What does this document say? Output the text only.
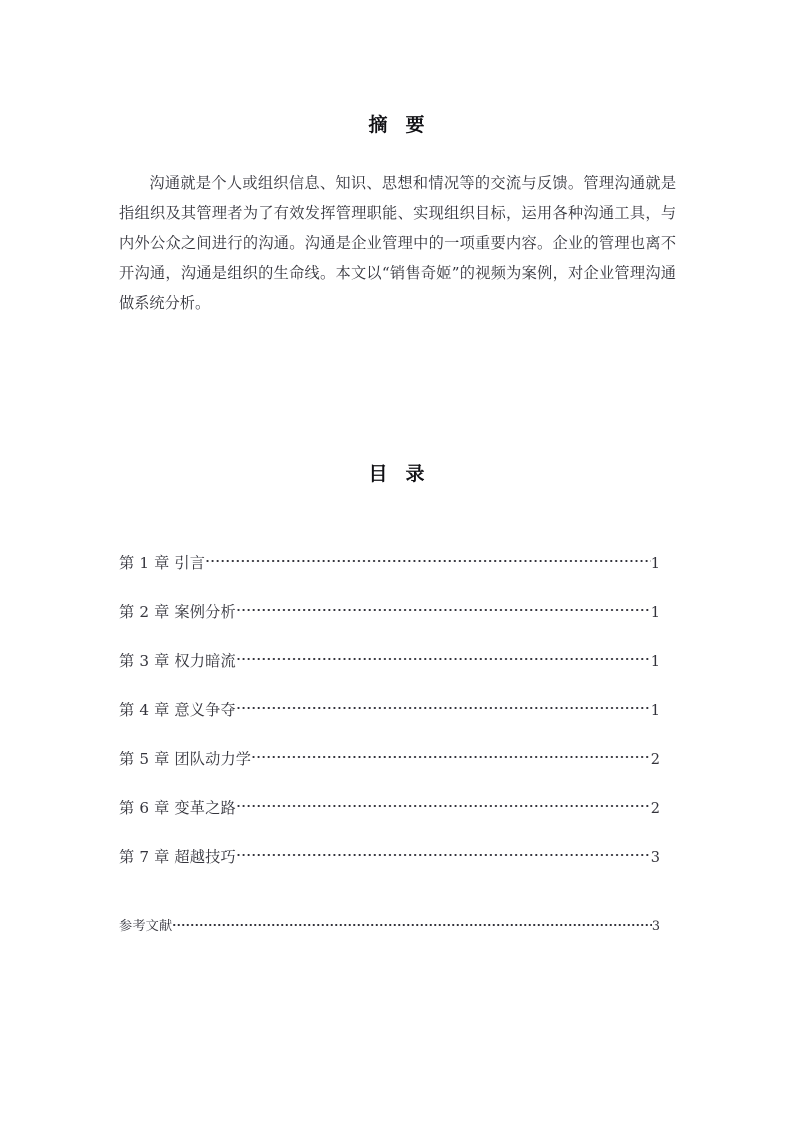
摘 要
沟通就是个人或组织信息、知识、思想和情况等的交流与反馈。管理沟通就是指组织及其管理者为了有效发挥管理职能、实现组织目标，运用各种沟通工具，与内外公众之间进行的沟通。沟通是企业管理中的一项重要内容。企业的管理也离不开沟通，沟通是组织的生命线。本文以“销售奇姬”的视频为案例，对企业管理沟通做系统分析。
目 录
第 1 章 引言	1
第 2 章 案例分析	1
第 3 章 权力暗流	1
第 4 章 意义争夺	1
第 5 章 团队动力学	2
第 6 章 变革之路	2
第 7 章 超越技巧	3
参考文献	3
